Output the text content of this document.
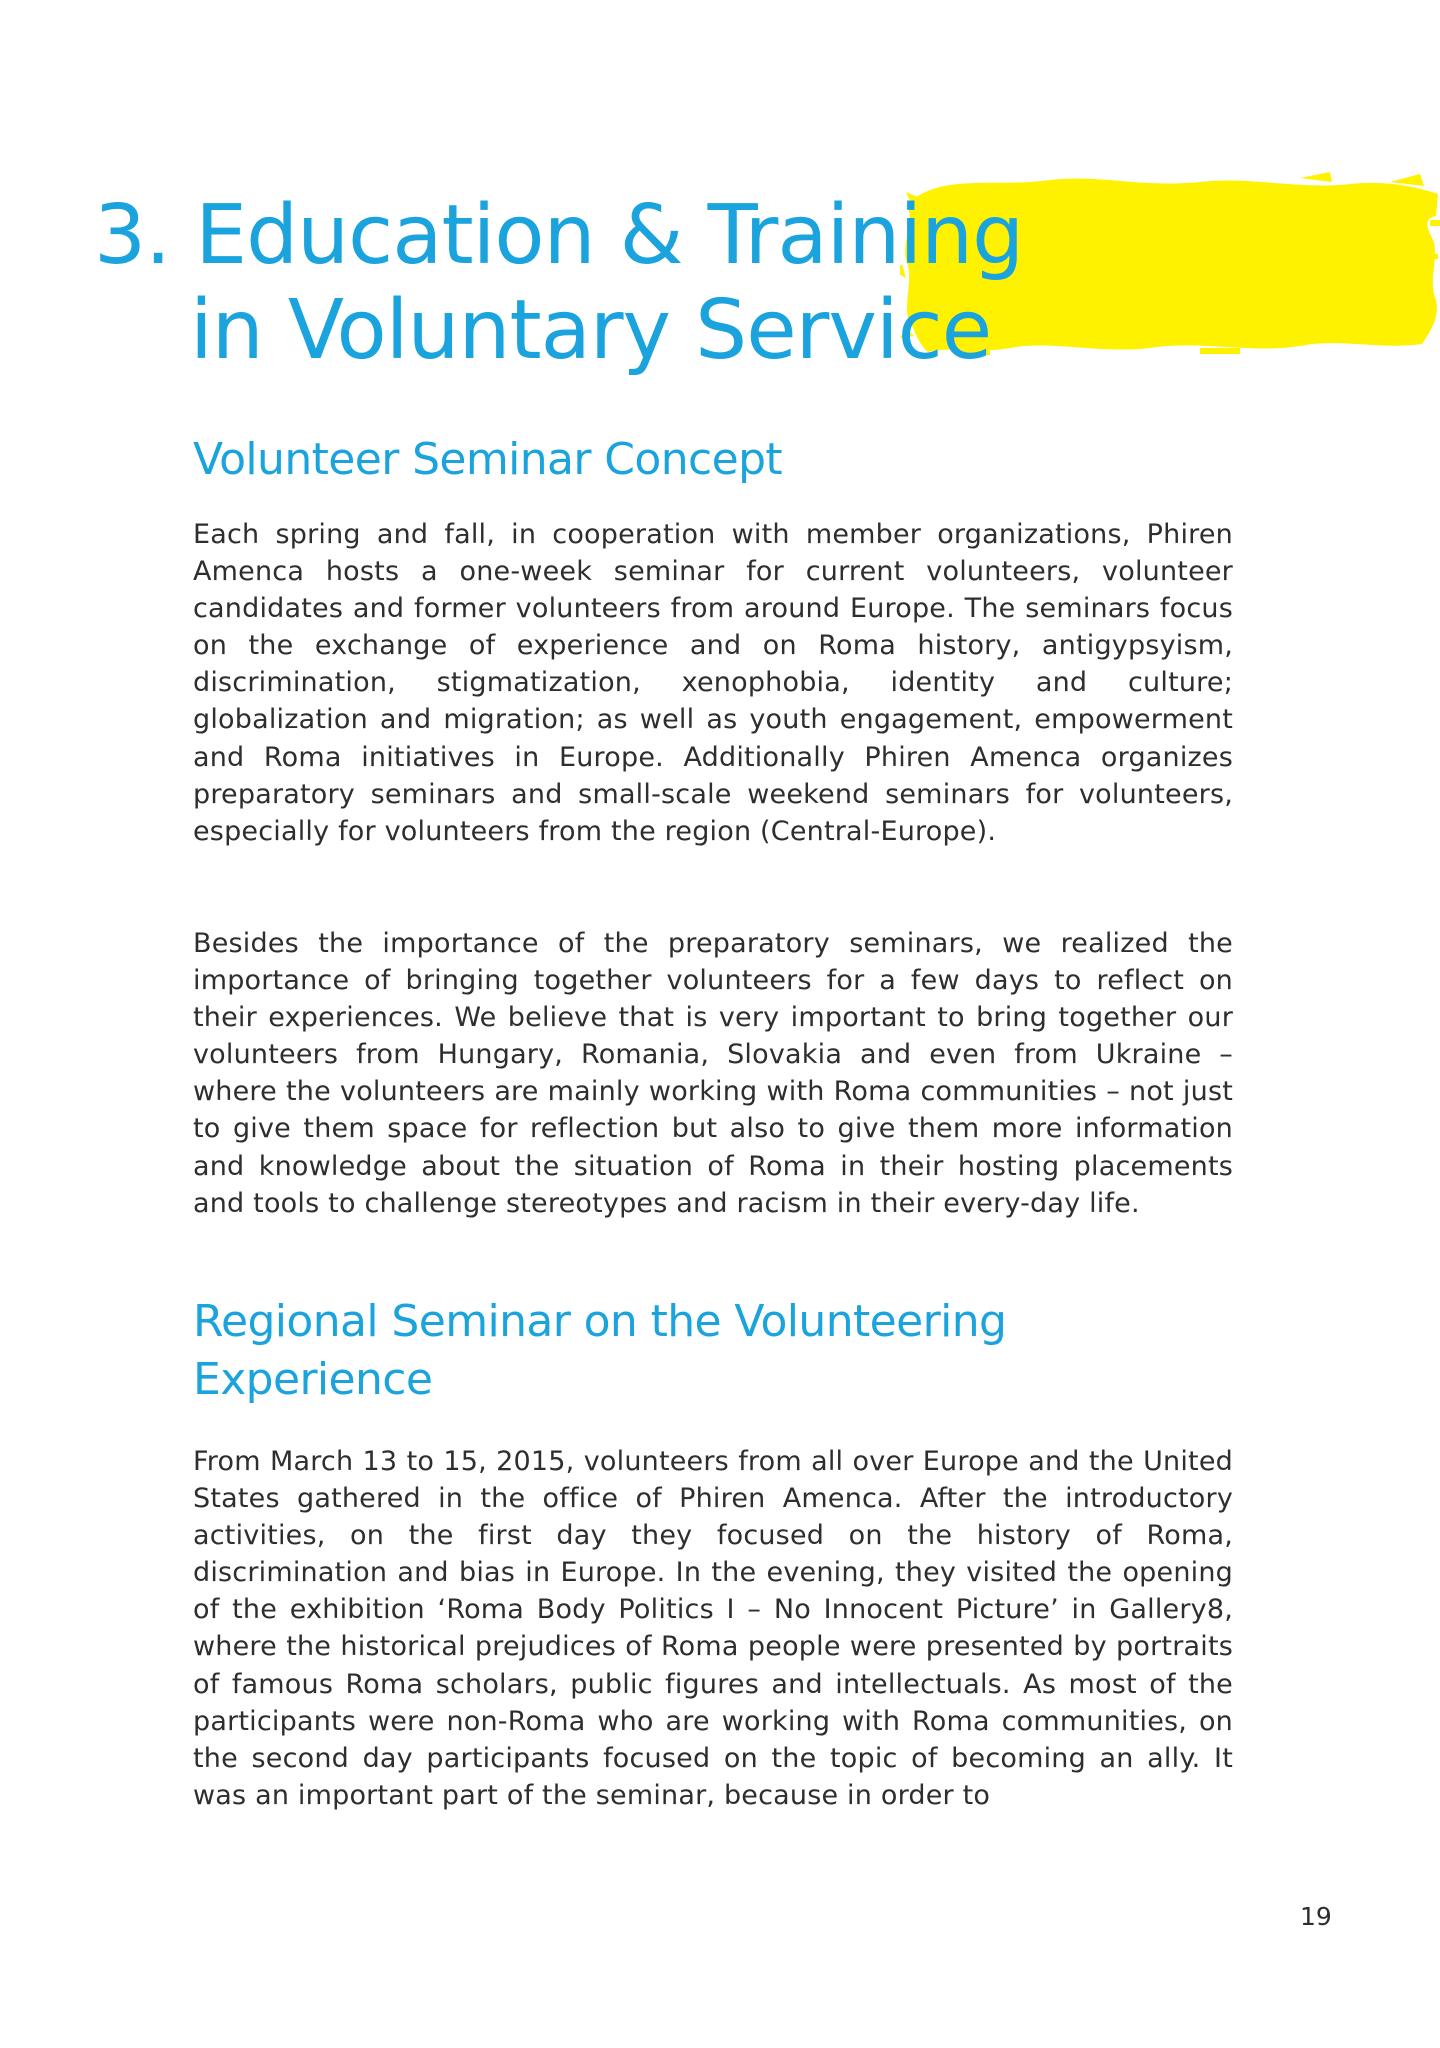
3. Education & Training
in Voluntary Service
Volunteer Seminar Concept

Each spring and fall, in cooperation with member organizations, Phiren Amenca hosts a one-week seminar for current volunteers, volunteer candidates and former volunteers from around Europe. The seminars focus on the exchange of experience and on Roma history, antigypsyism, discrimination, stigmatization, xenophobia, identity and culture; globalization and migration; as well as youth engagement, empowerment and Roma initiatives in Europe. Additionally Phiren Amenca organizes preparatory seminars and small-scale weekend seminars for volunteers, especially for volunteers from the region (Central-Europe).

Besides the importance of the preparatory seminars, we realized the importance of bringing together volunteers for a few days to reflect on their experiences. We believe that is very important to bring together our volunteers from Hungary, Romania, Slovakia and even from Ukraine – where the volunteers are mainly working with Roma communities – not just to give them space for reflection but also to give them more information and knowledge about the situation of Roma in their hosting placements and tools to challenge stereotypes and racism in their every-day life.

Regional Seminar on the Volunteering
Experience

From March 13 to 15, 2015, volunteers from all over Europe and the United States gathered in the office of Phiren Amenca. After the introductory activities, on the first day they focused on the history of Roma, discrimination and bias in Europe. In the evening, they visited the opening of the exhibition ‘Roma Body Politics I – No Innocent Picture’ in Gallery8, where the historical prejudices of Roma people were presented by portraits of famous Roma scholars, public figures and intellectuals. As most of the participants were non-Roma who are working with Roma communities, on the second day participants focused on the topic of becoming an ally. It was an important part of the seminar, because in order to

19
